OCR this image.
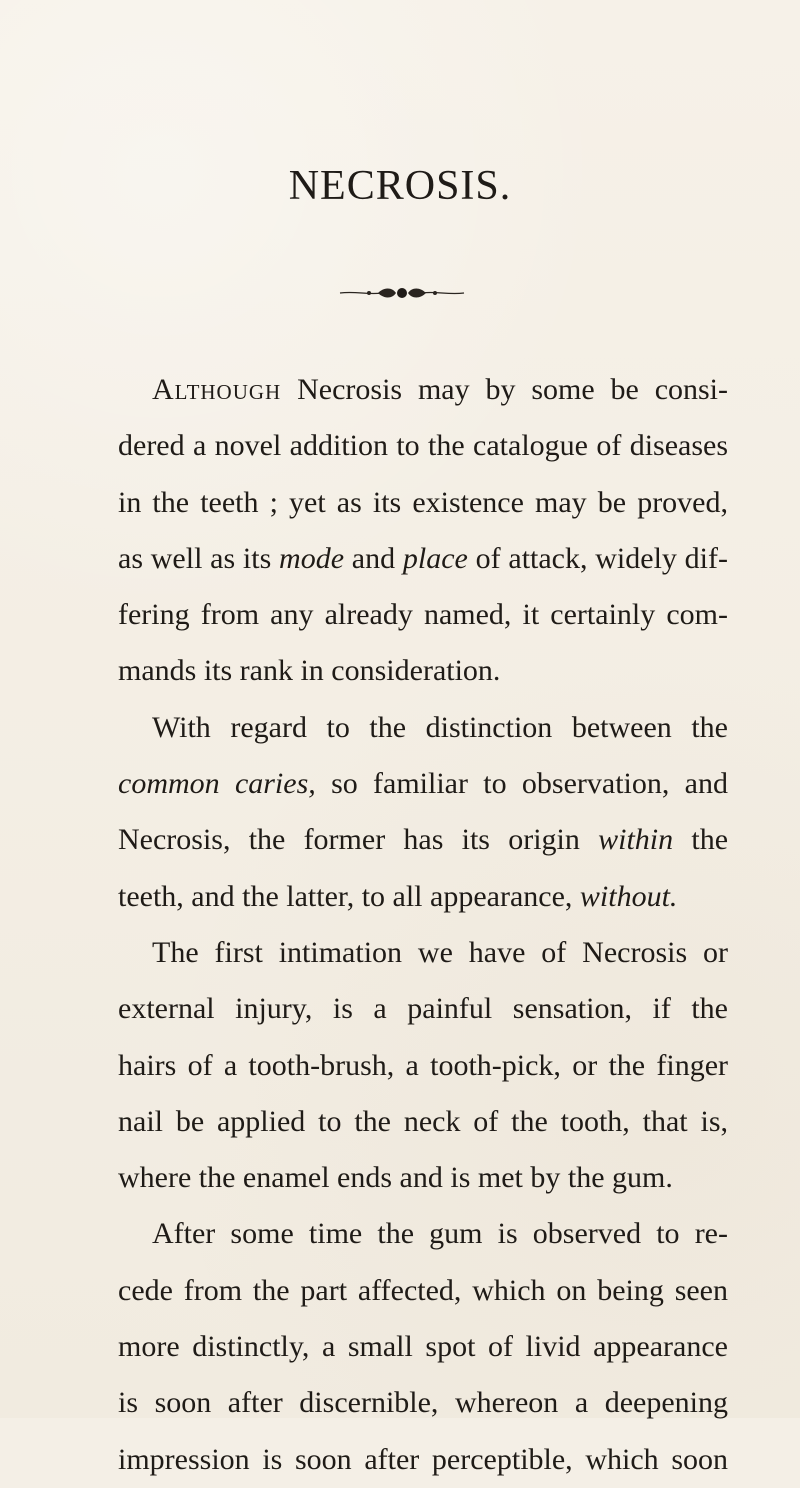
NECROSIS.
Although Necrosis may by some be consi-
dered a novel addition to the catalogue of diseases
in the teeth ; yet as its existence may be proved,
as well as its mode and place of attack, widely dif-
fering from any already named, it certainly com-
mands its rank in consideration.
With regard to the distinction between the
common caries, so familiar to observation, and
Necrosis, the former has its origin within the
teeth, and the latter, to all appearance, without.
The first intimation we have of Necrosis or
external injury, is a painful sensation, if the
hairs of a tooth-brush, a tooth-pick, or the finger
nail be applied to the neck of the tooth, that is,
where the enamel ends and is met by the gum.
After some time the gum is observed to re-
cede from the part affected, which on being seen
more distinctly, a small spot of livid appearance
is soon after discernible, whereon a deepening
impression is soon after perceptible, which soon
